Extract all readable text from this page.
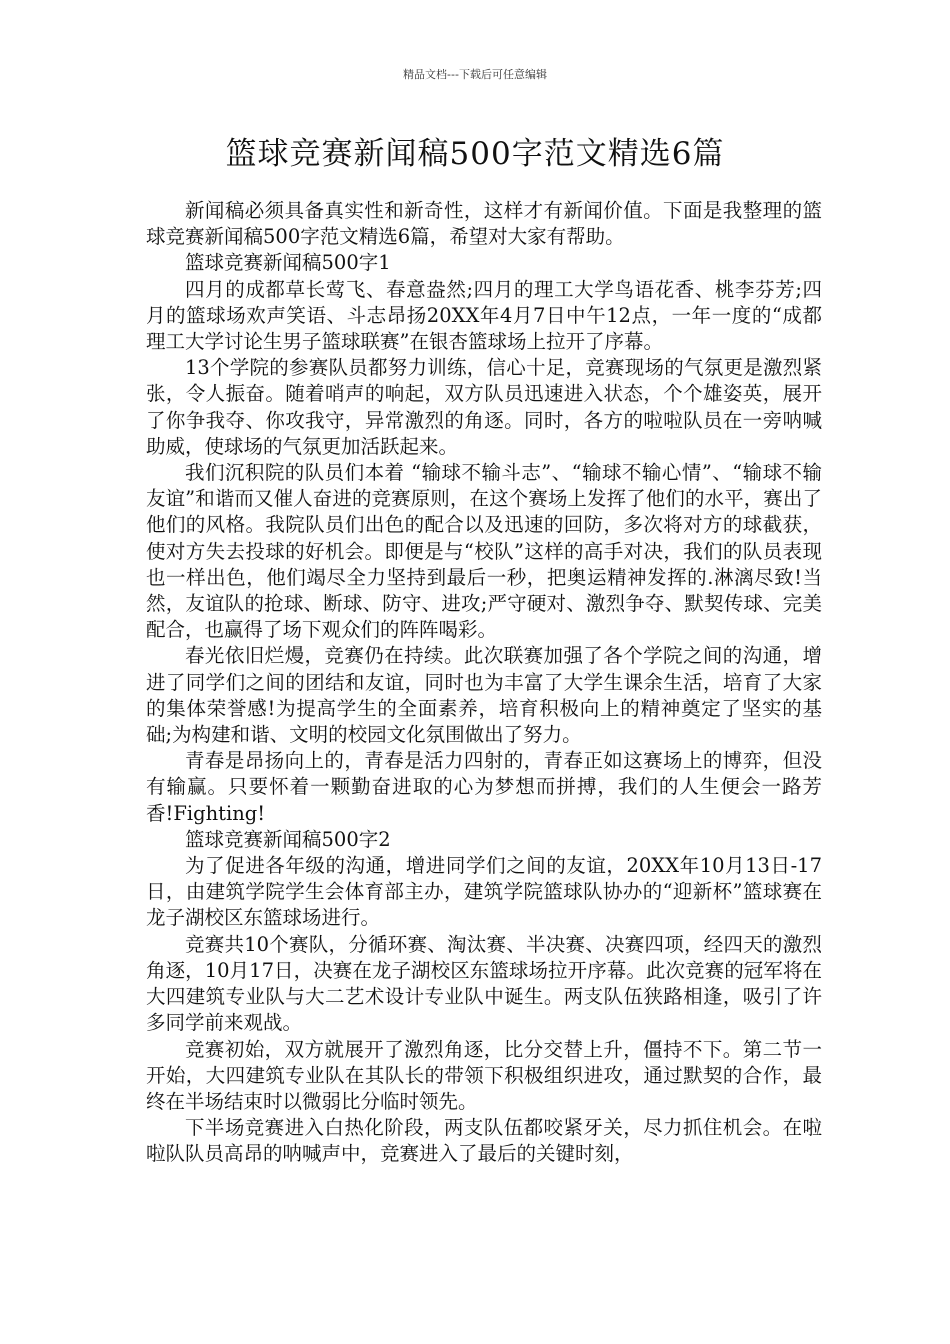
精品文档---下载后可任意编辑
篮球竞赛新闻稿500字范文精选6篇

新闻稿必须具备真实性和新奇性，这样才有新闻价值。下面是我整理的篮球竞赛新闻稿500字范文精选6篇，希望对大家有帮助。

篮球竞赛新闻稿500字1

四月的成都草长莺飞、春意盎然;四月的理工大学鸟语花香、桃李芬芳;四月的篮球场欢声笑语、斗志昂扬20XX年4月7日中午12点，一年一度的“成都理工大学讨论生男子篮球联赛”在银杏篮球场上拉开了序幕。

13个学院的参赛队员都努力训练，信心十足，竞赛现场的气氛更是激烈紧张，令人振奋。随着哨声的响起，双方队员迅速进入状态，个个雄姿英，展开了你争我夺、你攻我守，异常激烈的角逐。同时，各方的啦啦队员在一旁呐喊助威，使球场的气氛更加活跃起来。

我们沉积院的队员们本着 “输球不输斗志”、“输球不输心情”、“输球不输友谊”和谐而又催人奋进的竞赛原则，在这个赛场上发挥了他们的水平，赛出了他们的风格。我院队员们出色的配合以及迅速的回防，多次将对方的球截获，使对方失去投球的好机会。即便是与“校队”这样的高手对决，我们的队员表现也一样出色，他们竭尽全力坚持到最后一秒，把奥运精神发挥的.淋漓尽致!当然，友谊队的抢球、断球、防守、进攻;严守硬对、激烈争夺、默契传球、完美配合，也赢得了场下观众们的阵阵喝彩。

春光依旧烂熳，竞赛仍在持续。此次联赛加强了各个学院之间的沟通，增进了同学们之间的团结和友谊，同时也为丰富了大学生课余生活，培育了大家的集体荣誉感!为提高学生的全面素养，培育积极向上的精神奠定了坚实的基础;为构建和谐、文明的校园文化氛围做出了努力。

青春是昂扬向上的，青春是活力四射的，青春正如这赛场上的博弈，但没有输赢。只要怀着一颗勤奋进取的心为梦想而拼搏，我们的人生便会一路芳香!Fighting!

篮球竞赛新闻稿500字2

为了促进各年级的沟通，增进同学们之间的友谊，20XX年10月13日-17日，由建筑学院学生会体育部主办，建筑学院篮球队协办的“迎新杯”篮球赛在龙子湖校区东篮球场进行。

竞赛共10个赛队，分循环赛、淘汰赛、半决赛、决赛四项，经四天的激烈角逐，10月17日，决赛在龙子湖校区东篮球场拉开序幕。此次竞赛的冠军将在大四建筑专业队与大二艺术设计专业队中诞生。两支队伍狭路相逢，吸引了许多同学前来观战。

竞赛初始，双方就展开了激烈角逐，比分交替上升，僵持不下。第二节一开始，大四建筑专业队在其队长的带领下积极组织进攻，通过默契的合作，最终在半场结束时以微弱比分临时领先。

下半场竞赛进入白热化阶段，两支队伍都咬紧牙关，尽力抓住机会。在啦啦队队员高昂的呐喊声中，竞赛进入了最后的关键时刻，
